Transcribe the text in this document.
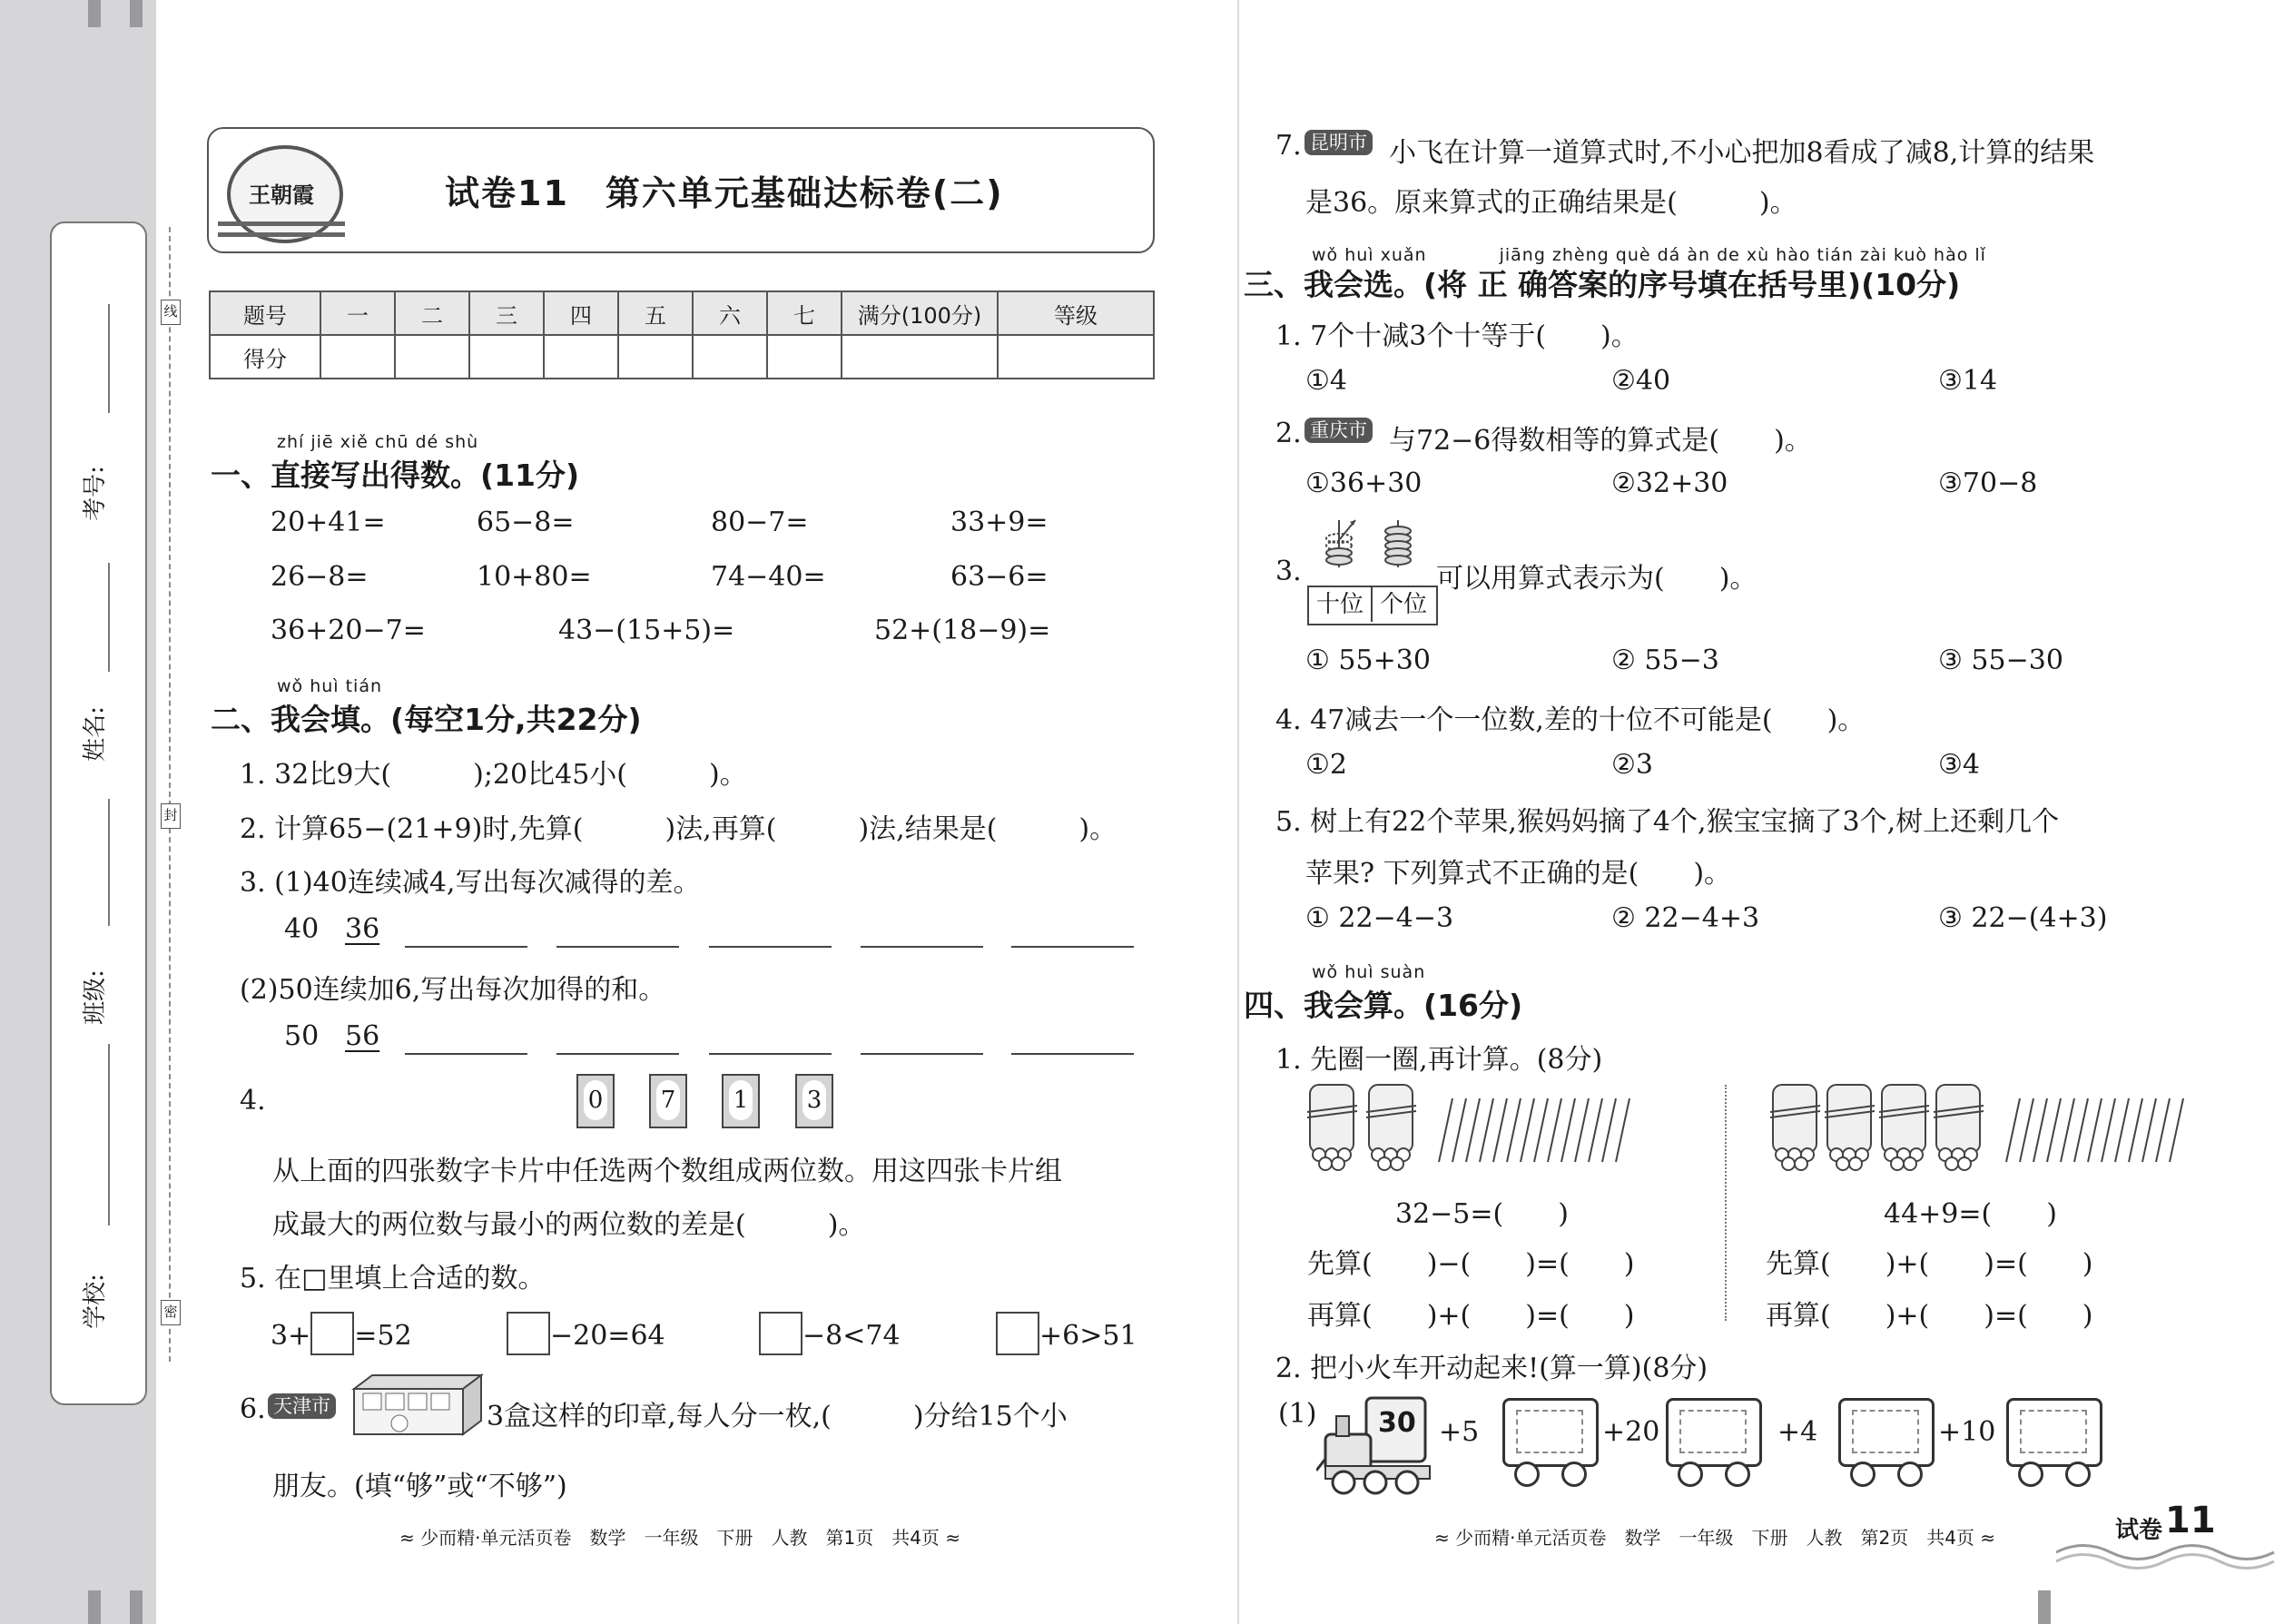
考号:
姓名:
班级:
学校:
线
封
密
王朝霞	试卷11　第六单元基础达标卷(二)
题号	一	二	三	四	五	六	七	满分(100分)	等级
得分									
zhí jiē xiě chū dé shù
一、直接写出得数。(11分)
20+41=	65−8=	80−7=	33+9=
26−8=	10+80=	74−40=	63−6=
36+20−7=	43−(15+5)=	52+(18−9)=
wǒ huì tián
二、我会填。(每空1分,共22分)
1. 32比9大(　　　);20比45小(　　　)。
2. 计算65−(21+9)时,先算(　　　)法,再算(　　　)法,结果是(　　　)。
3. (1)40连续减4,写出每次减得的差。
40 36
(2)50连续加6,写出每次加得的和。
50 56
4.	0	7	1	3
从上面的四张数字卡片中任选两个数组成两位数。用这四张卡片组
成最大的两位数与最小的两位数的差是(　　　)。
5. 在□里填上合适的数。
3+ =52	−20=64	−8<74	+6>51
6. 天津市	3盒这样的印章,每人分一枚,(　　　)分给15个小
朋友。(填“够”或“不够”)
≈ 少而精·单元活页卷　数学　一年级　下册　人教　第1页　共4页 ≈
7. 昆明市 小飞在计算一道算式时,不小心把加8看成了减8,计算的结果
是36。原来算式的正确结果是(　　　)。
wǒ huì xuǎn　　　　jiāng zhèng què dá àn de xù hào tián zài kuò hào lǐ
三、我会选。(将 正 确答案的序号填在括号里)(10分)
1. 7个十减3个十等于(　　)。
①4	②40	③14
2. 重庆市 与72−6得数相等的算式是(　　)。
①36+30	②32+30	③70−8
3.
十位 个位
可以用算式表示为(　　)。
① 55+30	② 55−3	③ 55−30
4. 47减去一个一位数,差的十位不可能是(　　)。
①2	②3	③4
5. 树上有22个苹果,猴妈妈摘了4个,猴宝宝摘了3个,树上还剩几个
苹果? 下列算式不正确的是(　　)。
① 22−4−3	② 22−4+3	③ 22−(4+3)
wǒ huì suàn
四、我会算。(16分)
1. 先圈一圈,再计算。(8分)
32−5=(　　)	44+9=(　　)
先算(　　)−(　　)=(　　)	先算(　　)+(　　)=(　　)
再算(　　)+(　　)=(　　)	再算(　　)+(　　)=(　　)
2. 把小火车开动起来!(算一算)(8分)
(1) 30 +5	+20	+4	+10
≈ 少而精·单元活页卷　数学　一年级　下册　人教　第2页　共4页 ≈	试卷 11
